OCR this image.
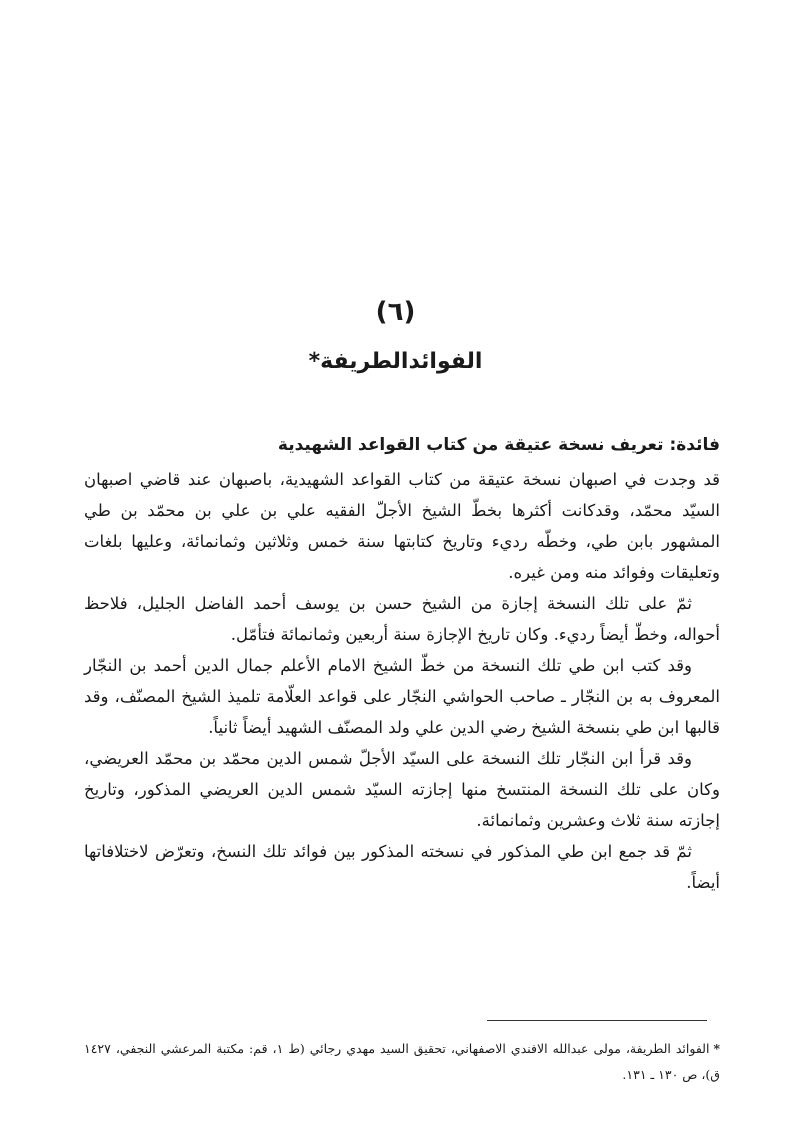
(٦)
الفوائدالطريفة*

فائدة: تعريف نسخة عتيقة من كتاب القواعد الشهيدية

قد وجدت في اصبهان نسخة عتيقة من كتاب القواعد الشهيدية، باصبهان عند قاضي اصبهان السيّد محمّد، وقدكانت أكثرها بخطّ الشيخ الأجلّ الفقيه علي بن علي بن محمّد بن طي المشهور بابن طي، وخطّه رديء وتاريخ كتابتها سنة خمس وثلاثين وثمانمائة، وعليها بلغات وتعليقات وفوائد منه ومن غيره.

ثمّ على تلك النسخة إجازة من الشيخ حسن بن يوسف أحمد الفاضل الجليل، فلاحظ أحواله، وخطّ أيضاً رديء. وكان تاريخ الإجازة سنة أربعين وثمانمائة فتأمّل.

وقد كتب ابن طي تلك النسخة من خطّ الشيخ الامام الأعلم جمال الدين أحمد بن النجّار المعروف به بن النجّار ـ صاحب الحواشي النجّار على قواعد العلّامة تلميذ الشيخ المصنّف، وقد قالبها ابن طي بنسخة الشيخ رضي الدين علي ولد المصنّف الشهيد أيضاً ثانياً.

وقد قرأ ابن النجّار تلك النسخة على السيّد الأجلّ شمس الدين محمّد بن محمّد العريضي، وكان على تلك النسخة المنتسخ منها إجازته السيّد شمس الدين العريضي المذكور، وتاريخ إجازته سنة ثلاث وعشرين وثمانمائة.

ثمّ قد جمع ابن طي المذكور في نسخته المذكور بين فوائد تلك النسخ، وتعرّض لاختلافاتها أيضاً.

*الفوائد الطريفة، مولى عبدالله الافندي الاصفهاني، تحقيق السيد مهدي رجائي (ط ١، قم: مكتبة المرعشي النجفي، ١٤٢٧ ق)، ص ١٣٠ ـ ١٣١.
